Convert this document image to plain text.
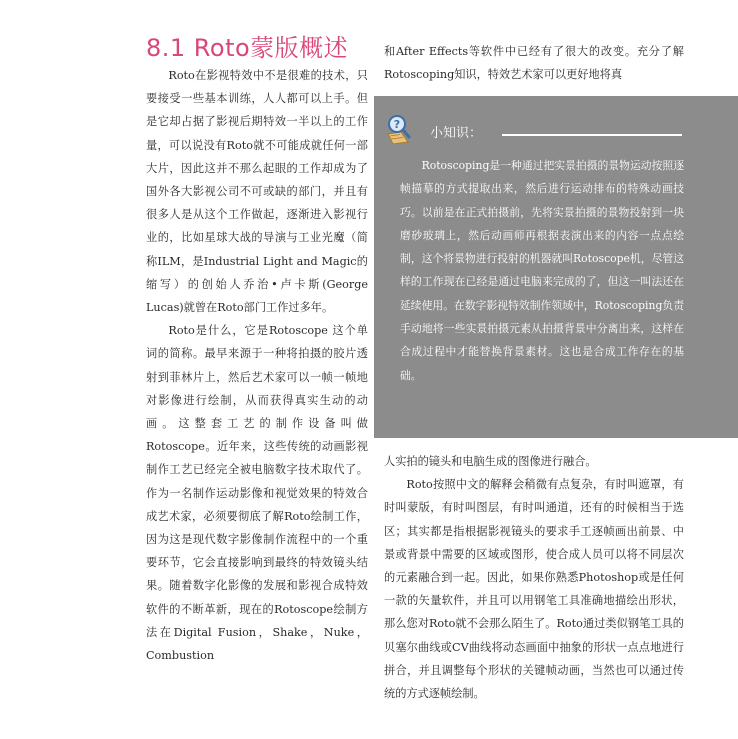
8.1 Roto蒙版概述

Roto在影视特效中不是很难的技术，只要接受一些基本训练，人人都可以上手。但是它却占据了影视后期特效一半以上的工作量，可以说没有Roto就不可能成就任何一部大片，因此这并不那么起眼的工作却成为了国外各大影视公司不可或缺的部门，并且有很多人是从这个工作做起，逐渐进入影视行业的，比如星球大战的导演与工业光魔（简称ILM，是Industrial Light and Magic的缩写）的创始人乔治•卢卡斯(George Lucas)就曾在Roto部门工作过多年。

Roto是什么，它是Rotoscope 这个单词的简称。最早来源于一种将拍摄的胶片透射到菲林片上，然后艺术家可以一帧一帧地对影像进行绘制，从而获得真实生动的动画。这整套工艺的制作设备叫做Rotoscope。近年来，这些传统的动画影视制作工艺已经完全被电脑数字技术取代了。作为一名制作运动影像和视觉效果的特效合成艺术家，必须要彻底了解Roto绘制工作，因为这是现代数字影像制作流程中的一个重要环节，它会直接影响到最终的特效镜头结果。随着数字化影像的发展和影视合成特效软件的不断革新，现在的Rotoscope绘制方法在Digital Fusion，Shake，Nuke，Combustion

和After Effects等软件中已经有了很大的改变。充分了解Rotoscoping知识，特效艺术家可以更好地将真

?
小知识：

Rotoscoping是一种通过把实景拍摄的景物运动按照逐帧描摹的方式提取出来，然后进行运动排布的特殊动画技巧。以前是在正式拍摄前，先将实景拍摄的景物投射到一块磨砂玻璃上，然后动画师再根据表演出来的内容一点点绘制，这个将景物进行投射的机器就叫Rotoscope机，尽管这样的工作现在已经是通过电脑来完成的了，但这一叫法还在延续使用。在数字影视特效制作领域中，Rotoscoping负责手动地将一些实景拍摄元素从拍摄背景中分离出来，这样在合成过程中才能替换背景素材。这也是合成工作存在的基础。

人实拍的镜头和电脑生成的图像进行融合。

Roto按照中文的解释会稍微有点复杂，有时叫遮罩，有时叫蒙版，有时叫图层，有时叫通道，还有的时候相当于选区；其实都是指根据影视镜头的要求手工逐帧画出前景、中景或背景中需要的区域或图形，使合成人员可以将不同层次的元素融合到一起。因此，如果你熟悉Photoshop或是任何一款的矢量软件，并且可以用钢笔工具准确地描绘出形状，那么您对Roto就不会那么陌生了。Roto通过类似钢笔工具的贝塞尔曲线或CV曲线将动态画面中抽象的形状一点点地进行拼合，并且调整每个形状的关键帧动画，当然也可以通过传统的方式逐帧绘制。
